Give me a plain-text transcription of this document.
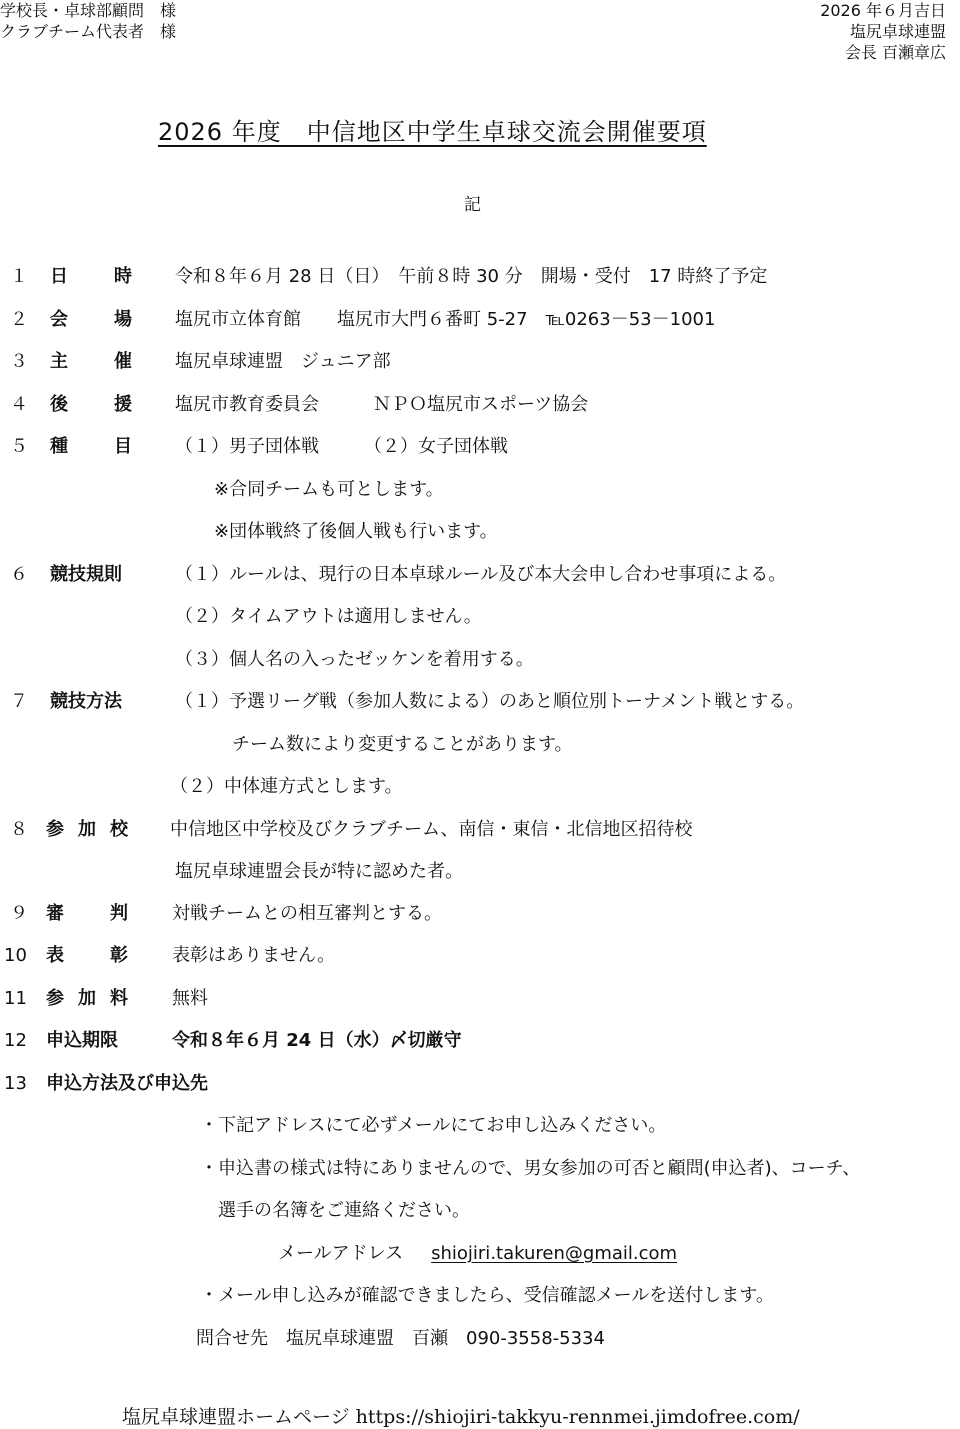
学校長・卓球部顧問　様
クラブチーム代表者　様
2026 年６月吉日
塩尻卓球連盟
会長 百瀬章広
2026 年度　中信地区中学生卓球交流会開催要項
記
１ 日	時 令和８年６月 28 日（日）　午前８時 30 分　開場・受付　17 時終了予定
２ 会	場 塩尻市立体育館　　塩尻市大門６番町 5-27　℡0263－53－1001
３ 主	催 塩尻卓球連盟　ジュニア部
４ 後	援 塩尻市教育委員会　　　ＮＰＯ塩尻市スポーツ協会
５ 種	目 （１）男子団体戦　　　（２）女子団体戦
※合同チームも可とします。
※団体戦終了後個人戦も行います。
６ 競技規則	（１）ルールは、現行の日本卓球ルール及び本大会申し合わせ事項による。
（２）タイムアウトは適用しません。
（３）個人名の入ったゼッケンを着用する。
７ 競技方法	（１）予選リーグ戦（参加人数による）のあと順位別トーナメント戦とする。
チーム数により変更することがあります。
（２）中体連方式とします。
８ 参 加 校 中信地区中学校及びクラブチーム、南信・東信・北信地区招待校
塩尻卓球連盟会長が特に認めた者。
９ 審	判 対戦チームとの相互審判とする。
10 表	彰 表彰はありません。
11 参 加 料 無料
12 申込期限	令和８年６月 24 日（水）〆切厳守
13 申込方法及び申込先
・下記アドレスにて必ずメールにてお申し込みください。
・申込書の様式は特にありませんので、男女参加の可否と顧問(申込者)、コーチ、
選手の名簿をご連絡ください。
メールアドレス shiojiri.takuren@gmail.com
・メール申し込みが確認できましたら、受信確認メールを送付します。
問合せ先　塩尻卓球連盟　百瀬　090-3558-5334
塩尻卓球連盟ホームページ https://shiojiri-takkyu-rennmei.jimdofree.com/
